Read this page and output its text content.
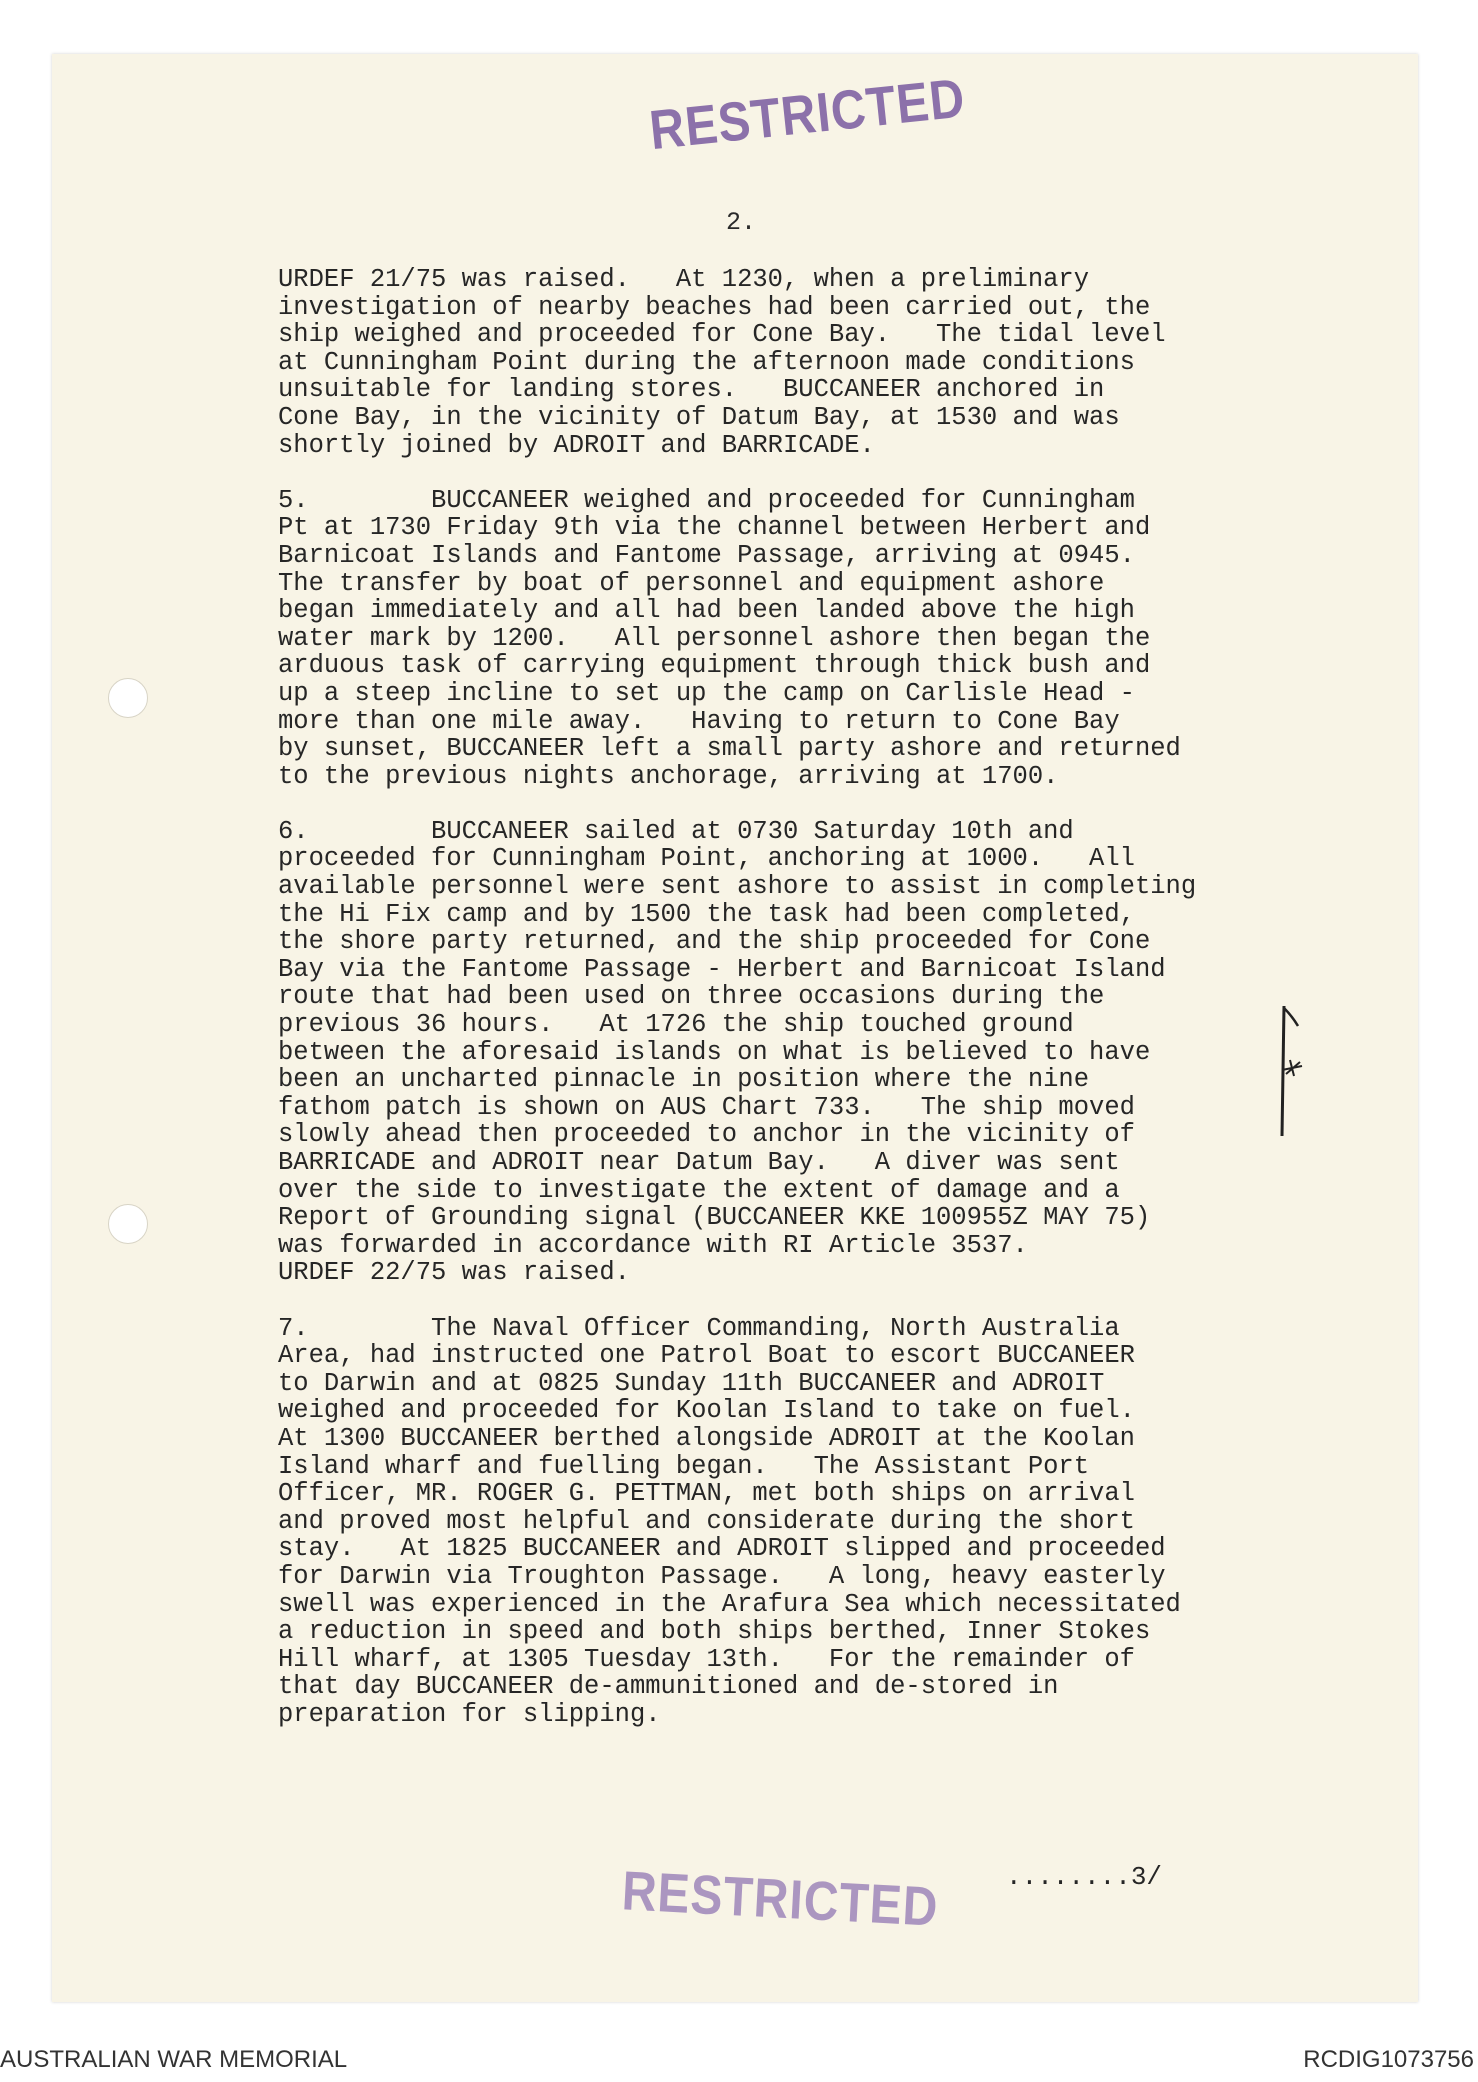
RESTRICTED
2.

URDEF 21/75 was raised.   At 1230, when a preliminary
investigation of nearby beaches had been carried out, the
ship weighed and proceeded for Cone Bay.   The tidal level
at Cunningham Point during the afternoon made conditions
unsuitable for landing stores.   BUCCANEER anchored in
Cone Bay, in the vicinity of Datum Bay, at 1530 and was
shortly joined by ADROIT and BARRICADE.

5.        BUCCANEER weighed and proceeded for Cunningham
Pt at 1730 Friday 9th via the channel between Herbert and
Barnicoat Islands and Fantome Passage, arriving at 0945.
The transfer by boat of personnel and equipment ashore
began immediately and all had been landed above the high
water mark by 1200.   All personnel ashore then began the
arduous task of carrying equipment through thick bush and
up a steep incline to set up the camp on Carlisle Head -
more than one mile away.   Having to return to Cone Bay
by sunset, BUCCANEER left a small party ashore and returned
to the previous nights anchorage, arriving at 1700.

6.        BUCCANEER sailed at 0730 Saturday 10th and
proceeded for Cunningham Point, anchoring at 1000.   All
available personnel were sent ashore to assist in completing
the Hi Fix camp and by 1500 the task had been completed,
the shore party returned, and the ship proceeded for Cone
Bay via the Fantome Passage - Herbert and Barnicoat Island
route that had been used on three occasions during the
previous 36 hours.   At 1726 the ship touched ground
between the aforesaid islands on what is believed to have
been an uncharted pinnacle in position where the nine
fathom patch is shown on AUS Chart 733.   The ship moved
slowly ahead then proceeded to anchor in the vicinity of
BARRICADE and ADROIT near Datum Bay.   A diver was sent
over the side to investigate the extent of damage and a
Report of Grounding signal (BUCCANEER KKE 100955Z MAY 75)
was forwarded in accordance with RI Article 3537.
URDEF 22/75 was raised.

7.        The Naval Officer Commanding, North Australia
Area, had instructed one Patrol Boat to escort BUCCANEER
to Darwin and at 0825 Sunday 11th BUCCANEER and ADROIT
weighed and proceeded for Koolan Island to take on fuel.
At 1300 BUCCANEER berthed alongside ADROIT at the Koolan
Island wharf and fuelling began.   The Assistant Port
Officer, MR. ROGER G. PETTMAN, met both ships on arrival
and proved most helpful and considerate during the short
stay.   At 1825 BUCCANEER and ADROIT slipped and proceeded
for Darwin via Troughton Passage.   A long, heavy easterly
swell was experienced in the Arafura Sea which necessitated
a reduction in speed and both ships berthed, Inner Stokes
Hill wharf, at 1305 Tuesday 13th.   For the remainder of
that day BUCCANEER de-ammunitioned and de-stored in
preparation for slipping.

RESTRICTED	........3/
AUSTRALIAN WAR MEMORIAL	RCDIG1073756
